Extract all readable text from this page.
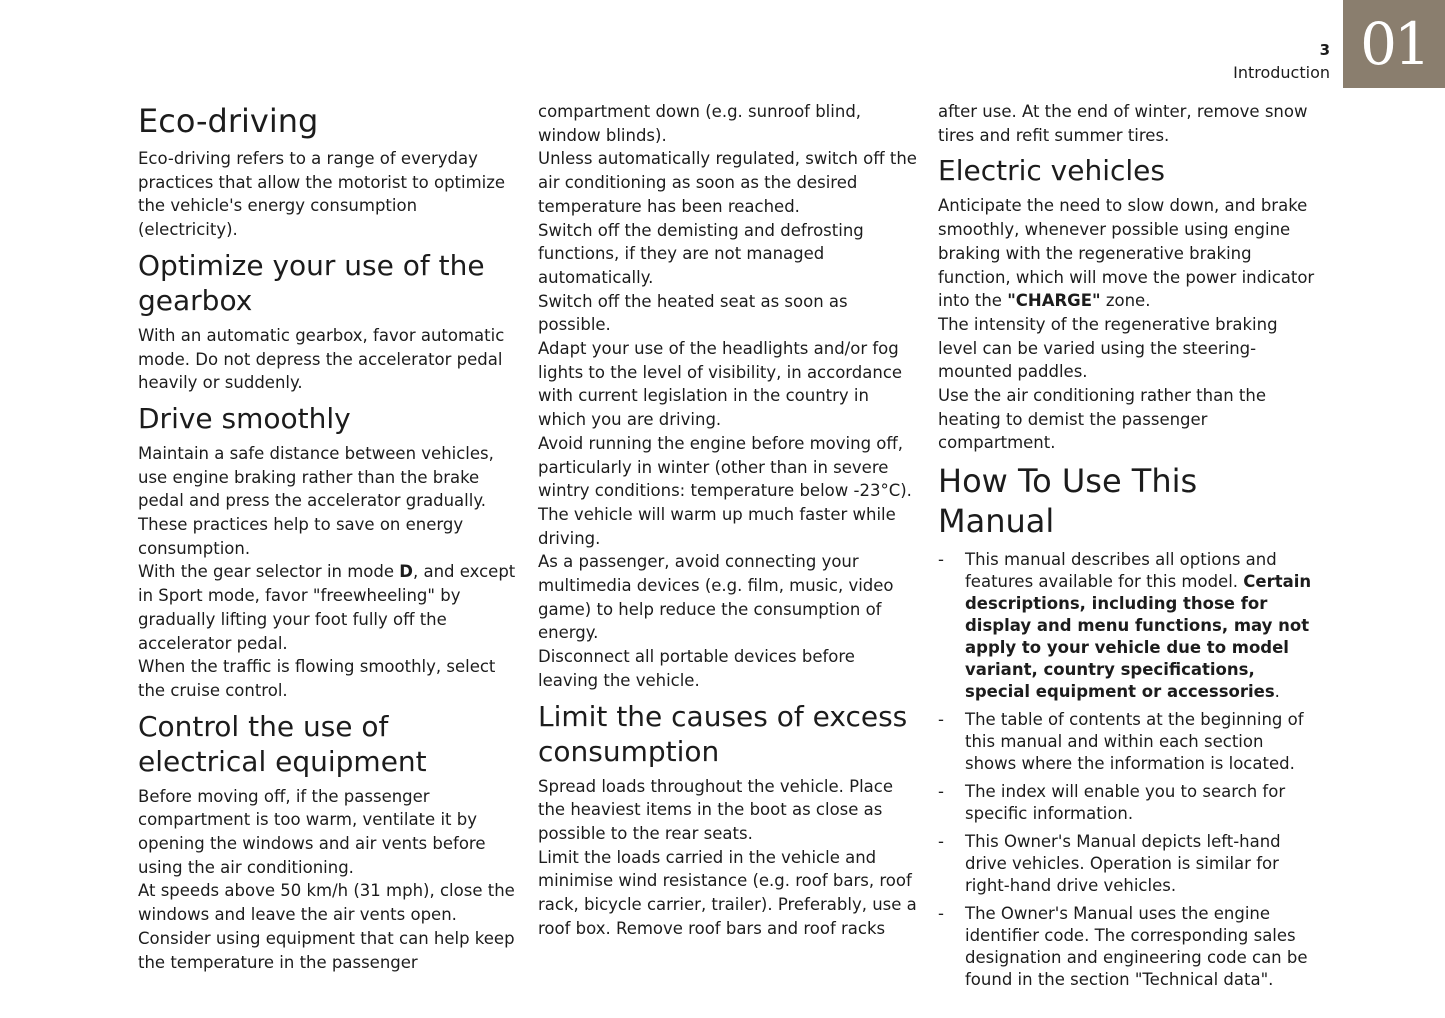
3
Introduction 01
Eco-driving

Eco-driving refers to a range of everyday practices that allow the motorist to optimize the vehicle's energy consumption (electricity).

Optimize your use of the gearbox

With an automatic gearbox, favor automatic mode. Do not depress the accelerator pedal heavily or suddenly.

Drive smoothly

Maintain a safe distance between vehicles, use engine braking rather than the brake pedal and press the accelerator gradually. These practices help to save on energy consumption.

With the gear selector in mode D, and except in Sport mode, favor "freewheeling" by gradually lifting your foot fully off the accelerator pedal.

When the traffic is flowing smoothly, select the cruise control.

Control the use of electrical equipment

Before moving off, if the passenger compartment is too warm, ventilate it by opening the windows and air vents before using the air conditioning.

At speeds above 50 km/h (31 mph), close the windows and leave the air vents open.

Consider using equipment that can help keep the temperature in the passenger

compartment down (e.g. sunroof blind, window blinds).

Unless automatically regulated, switch off the air conditioning as soon as the desired temperature has been reached.

Switch off the demisting and defrosting functions, if they are not managed automatically.

Switch off the heated seat as soon as possible.

Adapt your use of the headlights and/or fog lights to the level of visibility, in accordance with current legislation in the country in which you are driving.

Avoid running the engine before moving off, particularly in winter (other than in severe wintry conditions: temperature below -23°C). The vehicle will warm up much faster while driving.

As a passenger, avoid connecting your multimedia devices (e.g. film, music, video game) to help reduce the consumption of energy.

Disconnect all portable devices before leaving the vehicle.

Limit the causes of excess consumption

Spread loads throughout the vehicle. Place the heaviest items in the boot as close as possible to the rear seats.

Limit the loads carried in the vehicle and minimise wind resistance (e.g. roof bars, roof rack, bicycle carrier, trailer). Preferably, use a roof box. Remove roof bars and roof racks

after use. At the end of winter, remove snow tires and refit summer tires.

Electric vehicles

Anticipate the need to slow down, and brake smoothly, whenever possible using engine braking with the regenerative braking function, which will move the power indicator into the "CHARGE" zone.

The intensity of the regenerative braking level can be varied using the steering-mounted paddles.

Use the air conditioning rather than the heating to demist the passenger compartment.

How To Use This Manual
- This manual describes all options and features available for this model. Certain descriptions, including those for display and menu functions, may not apply to your vehicle due to model variant, country specifications, special equipment or accessories.
- The table of contents at the beginning of this manual and within each section shows where the information is located.
- The index will enable you to search for specific information.
- This Owner's Manual depicts left-hand drive vehicles. Operation is similar for right-hand drive vehicles.
- The Owner's Manual uses the engine identifier code. The corresponding sales designation and engineering code can be found in the section "Technical data".
